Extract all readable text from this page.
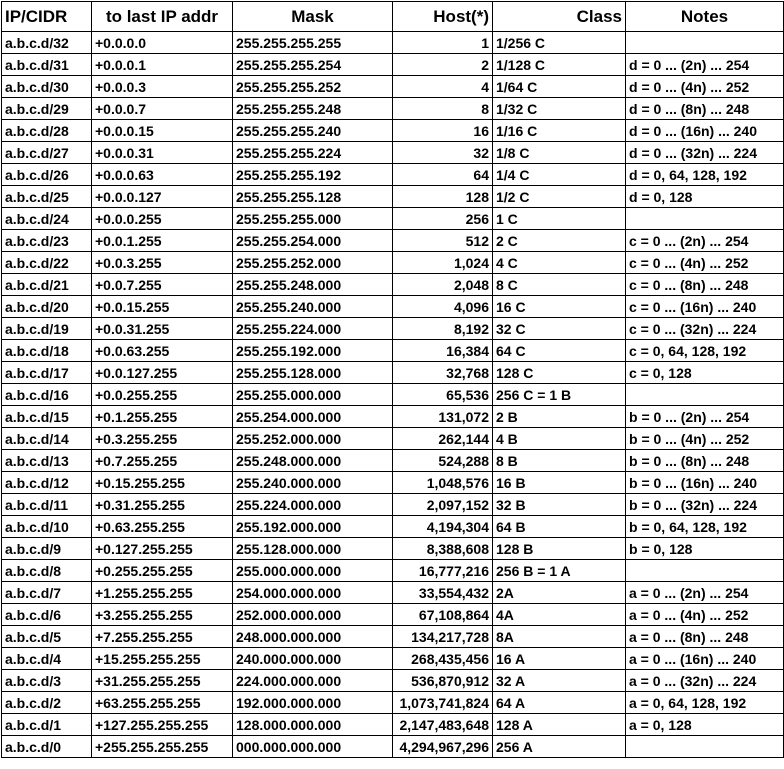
IP/CIDR	to last IP addr	Mask	Host(*)	Class	Notes
a.b.c.d/32	+0.0.0.0	255.255.255.255	1	1/256 C	
a.b.c.d/31	+0.0.0.1	255.255.255.254	2	1/128 C	d = 0 ... (2n) ... 254
a.b.c.d/30	+0.0.0.3	255.255.255.252	4	1/64 C	d = 0 ... (4n) ... 252
a.b.c.d/29	+0.0.0.7	255.255.255.248	8	1/32 C	d = 0 ... (8n) ... 248
a.b.c.d/28	+0.0.0.15	255.255.255.240	16	1/16 C	d = 0 ... (16n) ... 240
a.b.c.d/27	+0.0.0.31	255.255.255.224	32	1/8 C	d = 0 ... (32n) ... 224
a.b.c.d/26	+0.0.0.63	255.255.255.192	64	1/4 C	d = 0, 64, 128, 192
a.b.c.d/25	+0.0.0.127	255.255.255.128	128	1/2 C	d = 0, 128
a.b.c.d/24	+0.0.0.255	255.255.255.000	256	1 C	
a.b.c.d/23	+0.0.1.255	255.255.254.000	512	2 C	c = 0 ... (2n) ... 254
a.b.c.d/22	+0.0.3.255	255.255.252.000	1,024	4 C	c = 0 ... (4n) ... 252
a.b.c.d/21	+0.0.7.255	255.255.248.000	2,048	8 C	c = 0 ... (8n) ... 248
a.b.c.d/20	+0.0.15.255	255.255.240.000	4,096	16 C	c = 0 ... (16n) ... 240
a.b.c.d/19	+0.0.31.255	255.255.224.000	8,192	32 C	c = 0 ... (32n) ... 224
a.b.c.d/18	+0.0.63.255	255.255.192.000	16,384	64 C	c = 0, 64, 128, 192
a.b.c.d/17	+0.0.127.255	255.255.128.000	32,768	128 C	c = 0, 128
a.b.c.d/16	+0.0.255.255	255.255.000.000	65,536	256 C = 1 B	
a.b.c.d/15	+0.1.255.255	255.254.000.000	131,072	2 B	b = 0 ... (2n) ... 254
a.b.c.d/14	+0.3.255.255	255.252.000.000	262,144	4 B	b = 0 ... (4n) ... 252
a.b.c.d/13	+0.7.255.255	255.248.000.000	524,288	8 B	b = 0 ... (8n) ... 248
a.b.c.d/12	+0.15.255.255	255.240.000.000	1,048,576	16 B	b = 0 ... (16n) ... 240
a.b.c.d/11	+0.31.255.255	255.224.000.000	2,097,152	32 B	b = 0 ... (32n) ... 224
a.b.c.d/10	+0.63.255.255	255.192.000.000	4,194,304	64 B	b = 0, 64, 128, 192
a.b.c.d/9	+0.127.255.255	255.128.000.000	8,388,608	128 B	b = 0, 128
a.b.c.d/8	+0.255.255.255	255.000.000.000	16,777,216	256 B = 1 A	
a.b.c.d/7	+1.255.255.255	254.000.000.000	33,554,432	2A	a = 0 ... (2n) ... 254
a.b.c.d/6	+3.255.255.255	252.000.000.000	67,108,864	4A	a = 0 ... (4n) ... 252
a.b.c.d/5	+7.255.255.255	248.000.000.000	134,217,728	8A	a = 0 ... (8n) ... 248
a.b.c.d/4	+15.255.255.255	240.000.000.000	268,435,456	16 A	a = 0 ... (16n) ... 240
a.b.c.d/3	+31.255.255.255	224.000.000.000	536,870,912	32 A	a = 0 ... (32n) ... 224
a.b.c.d/2	+63.255.255.255	192.000.000.000	1,073,741,824	64 A	a = 0, 64, 128, 192
a.b.c.d/1	+127.255.255.255	128.000.000.000	2,147,483,648	128 A	a = 0, 128
a.b.c.d/0	+255.255.255.255	000.000.000.000	4,294,967,296	256 A	
